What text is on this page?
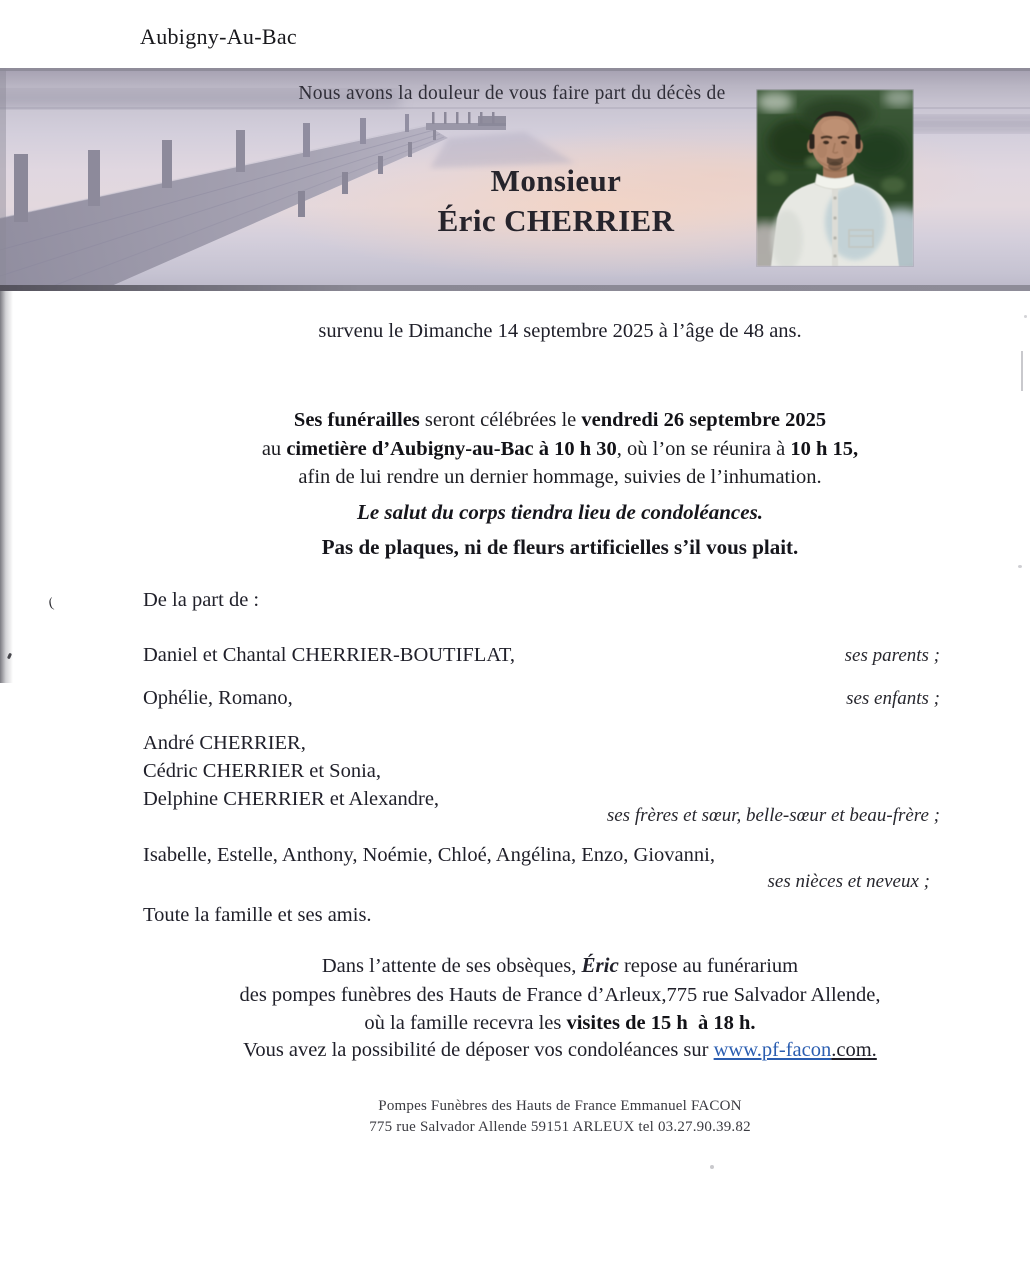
Aubigny-Au-Bac
Nous avons la douleur de vous faire part du décès de
Monsieur
Éric CHERRIER
survenu le Dimanche 14 septembre 2025 à l’âge de 48 ans.
Ses funérailles seront célébrées le vendredi 26 septembre 2025
au cimetière d’Aubigny-au-Bac à 10 h 30, où l’on se réunira à 10 h 15,
afin de lui rendre un dernier hommage, suivies de l’inhumation.
Le salut du corps tiendra lieu de condoléances.
Pas de plaques, ni de fleurs artificielles s’il vous plait.
De la part de :
Daniel et Chantal CHERRIER-BOUTIFLAT,	ses parents ;
Ophélie, Romano,	ses enfants ;
André CHERRIER,
Cédric CHERRIER et Sonia,
Delphine CHERRIER et Alexandre,
ses frères et sœur, belle-sœur et beau-frère ;
Isabelle, Estelle, Anthony, Noémie, Chloé, Angélina, Enzo, Giovanni,
ses nièces et neveux ;
Toute la famille et ses amis.
Dans l’attente de ses obsèques, Éric repose au funérarium
des pompes funèbres des Hauts de France d’Arleux,775 rue Salvador Allende,
où la famille recevra les visites de 15 h  à 18 h.
Vous avez la possibilité de déposer vos condoléances sur www.pf-facon.com.
Pompes Funèbres des Hauts de France Emmanuel FACON
775 rue Salvador Allende 59151 ARLEUX tel 03.27.90.39.82
(
